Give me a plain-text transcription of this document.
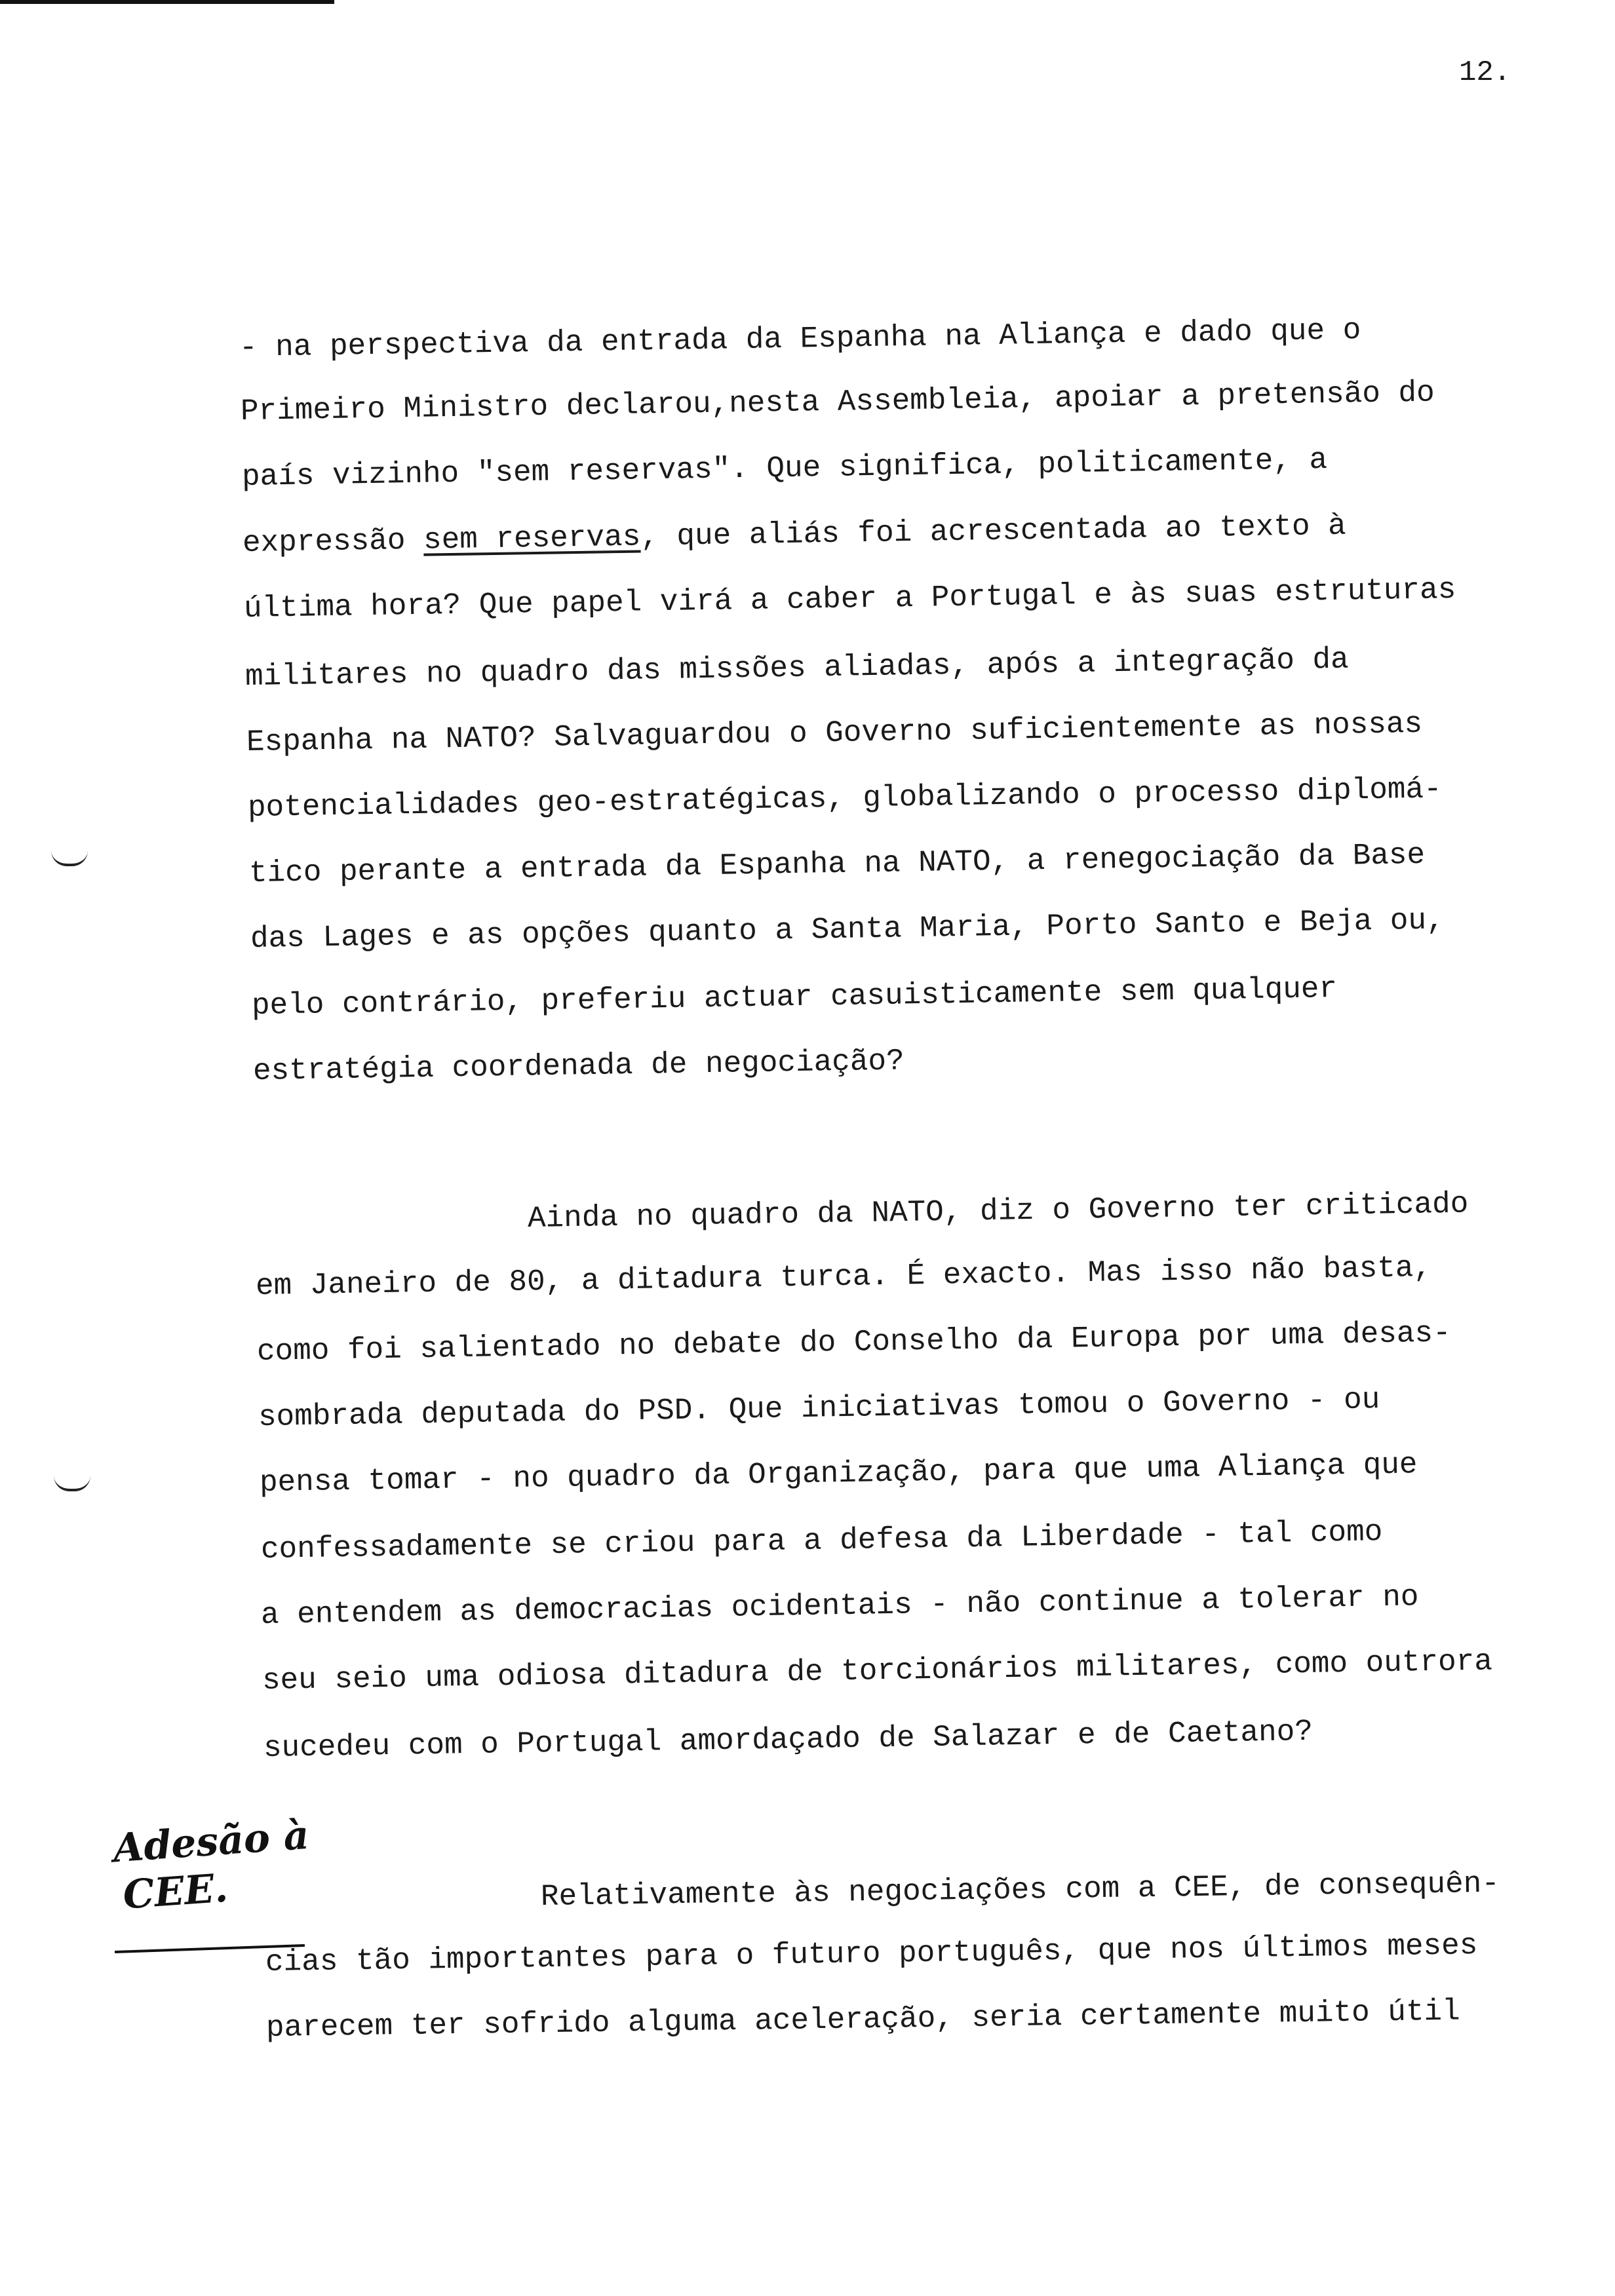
12.
- na perspectiva da entrada da Espanha na Aliança e dado que o
Primeiro Ministro declarou,nesta Assembleia, apoiar a pretensão do
país vizinho "sem reservas". Que significa, politicamente, a
expressão sem reservas, que aliás foi acrescentada ao texto à
última hora? Que papel virá a caber a Portugal e às suas estruturas
militares no quadro das missões aliadas, após a integração da
Espanha na NATO? Salvaguardou o Governo suficientemente as nossas
potencialidades geo-estratégicas, globalizando o processo diplomá-
tico perante a entrada da Espanha na NATO, a renegociação da Base
das Lages e as opções quanto a Santa Maria, Porto Santo e Beja ou,
pelo contrário, preferiu actuar casuisticamente sem qualquer
estratégia coordenada de negociação?
Ainda no quadro da NATO, diz o Governo ter criticado
em Janeiro de 80, a ditadura turca. É exacto. Mas isso não basta,
como foi salientado no debate do Conselho da Europa por uma desas-
sombrada deputada do PSD. Que iniciativas tomou o Governo - ou
pensa tomar - no quadro da Organização, para que uma Aliança que
confessadamente se criou para a defesa da Liberdade - tal como
a entendem as democracias ocidentais - não continue a tolerar no
seu seio uma odiosa ditadura de torcionários militares, como outrora
sucedeu com o Portugal amordaçado de Salazar e de Caetano?
Relativamente às negociações com a CEE, de consequên-
cias tão importantes para o futuro português, que nos últimos meses
parecem ter sofrido alguma aceleração, seria certamente muito útil
Adesão à
CEE.
